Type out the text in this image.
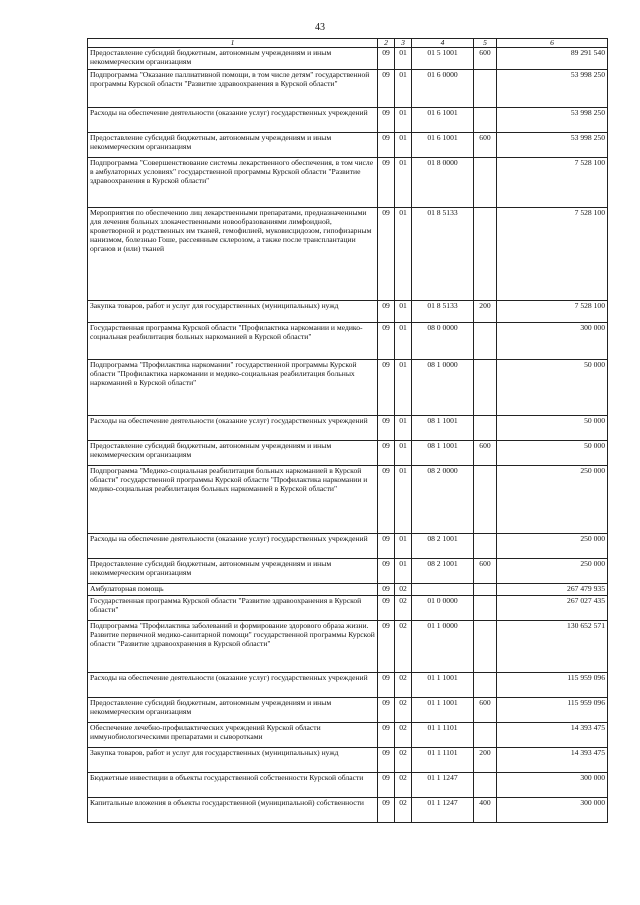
43
1	2	3	4	5	6
Предоставление субсидий бюджетным, автономным учреждениям и иным некоммерческим организациям	09	01	01 5 1001	600	89 291 540
Подпрограмма "Оказание паллиативной помощи, в том числе детям" государственной программы Курской области "Развитие здравоохранения в Курской области"	09	01	01 6 0000		53 998 250
Расходы на обеспечение деятельности (оказание услуг) государственных учреждений	09	01	01 6 1001		53 998 250
Предоставление субсидий бюджетным, автономным учреждениям и иным некоммерческим организациям	09	01	01 6 1001	600	53 998 250
Подпрограмма "Совершенствование системы лекарственного обеспечения, в том числе в амбулаторных условиях" государственной программы Курской области "Развитие здравоохранения в Курской области"	09	01	01 8 0000		7 528 100
Мероприятия по обеспечению лиц лекарственными препаратами, предназначенными для лечения больных злокачественными новообразованиями лимфоидной, кроветворной и родственных им тканей, гемофилией, муковисцидозом, гипофизарным нанизмом, болезнью Гоше, рассеянным склерозом, а также после трансплантации органов и (или) тканей	09	01	01 8 5133		7 528 100
Закупка товаров, работ и услуг для государственных (муниципальных) нужд	09	01	01 8 5133	200	7 528 100
Государственная программа Курской области "Профилактика наркомании и медико-социальная реабилитация больных наркоманией в Курской области"	09	01	08 0 0000		300 000
Подпрограмма "Профилактика наркомании" государственной программы Курской области "Профилактика наркомании и медико-социальная реабилитация больных наркоманией в Курской области"	09	01	08 1 0000		50 000
Расходы на обеспечение деятельности (оказание услуг) государственных учреждений	09	01	08 1 1001		50 000
Предоставление субсидий бюджетным, автономным учреждениям и иным некоммерческим организациям	09	01	08 1 1001	600	50 000
Подпрограмма "Медико-социальная реабилитация больных наркоманией в Курской области" государственной программы Курской области "Профилактика наркомании и медико-социальная реабилитация больных наркоманией в Курской области"	09	01	08 2 0000		250 000
Расходы на обеспечение деятельности (оказание услуг) государственных учреждений	09	01	08 2 1001		250 000
Предоставление субсидий бюджетным, автономным учреждениям и иным некоммерческим организациям	09	01	08 2 1001	600	250 000
Амбулаторная помощь	09	02			267 479 935
Государственная программа Курской области "Развитие здравоохранения в Курской области"	09	02	01 0 0000		267 027 435
Подпрограмма "Профилактика заболеваний и формирование здорового образа жизни. Развитие первичной медико-санитарной помощи" государственной программы Курской области "Развитие здравоохранения в Курской области"	09	02	01 1 0000		130 652 571
Расходы на обеспечение деятельности (оказание услуг) государственных учреждений	09	02	01 1 1001		115 959 096
Предоставление субсидий бюджетным, автономным учреждениям и иным некоммерческим организациям	09	02	01 1 1001	600	115 959 096
Обеспечение лечебно-профилактических учреждений Курской области иммунобиологическими препаратами и сыворотками	09	02	01 1 1101		14 393 475
Закупка товаров, работ и услуг для государственных (муниципальных) нужд	09	02	01 1 1101	200	14 393 475
Бюджетные инвестиции в объекты государственной собственности Курской области	09	02	01 1 1247		300 000
Капитальные вложения в объекты государственной (муниципальной) собственности	09	02	01 1 1247	400	300 000
